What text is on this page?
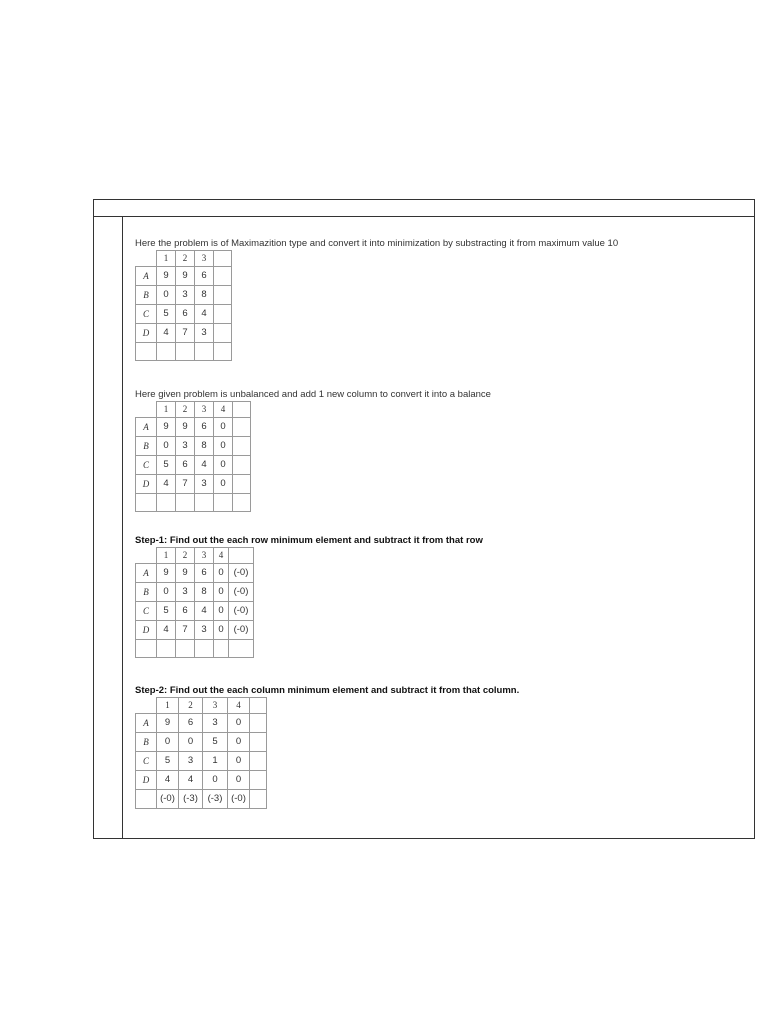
Here the problem is of Maximazition type and convert it into minimization by substracting it from maximum value 10
	1	2	3	
A	9	9	6	
B	0	3	8	
C	5	6	4	
D	4	7	3	

Here given problem is unbalanced and add 1 new column to convert it into a balance
	1	2	3	4	
A	9	9	6	0	
B	0	3	8	0	
C	5	6	4	0	
D	4	7	3	0	

Step-1: Find out the each row minimum element and subtract it from that row
	1	2	3	4	
A	9	9	6	0	(-0)
B	0	3	8	0	(-0)
C	5	6	4	0	(-0)
D	4	7	3	0	(-0)

Step-2: Find out the each column minimum element and subtract it from that column.
	1	2	3	4	
A	9	6	3	0	
B	0	0	5	0	
C	5	3	1	0	
D	4	4	0	0	
	(-0)	(-3)	(-3)	(-0)	
